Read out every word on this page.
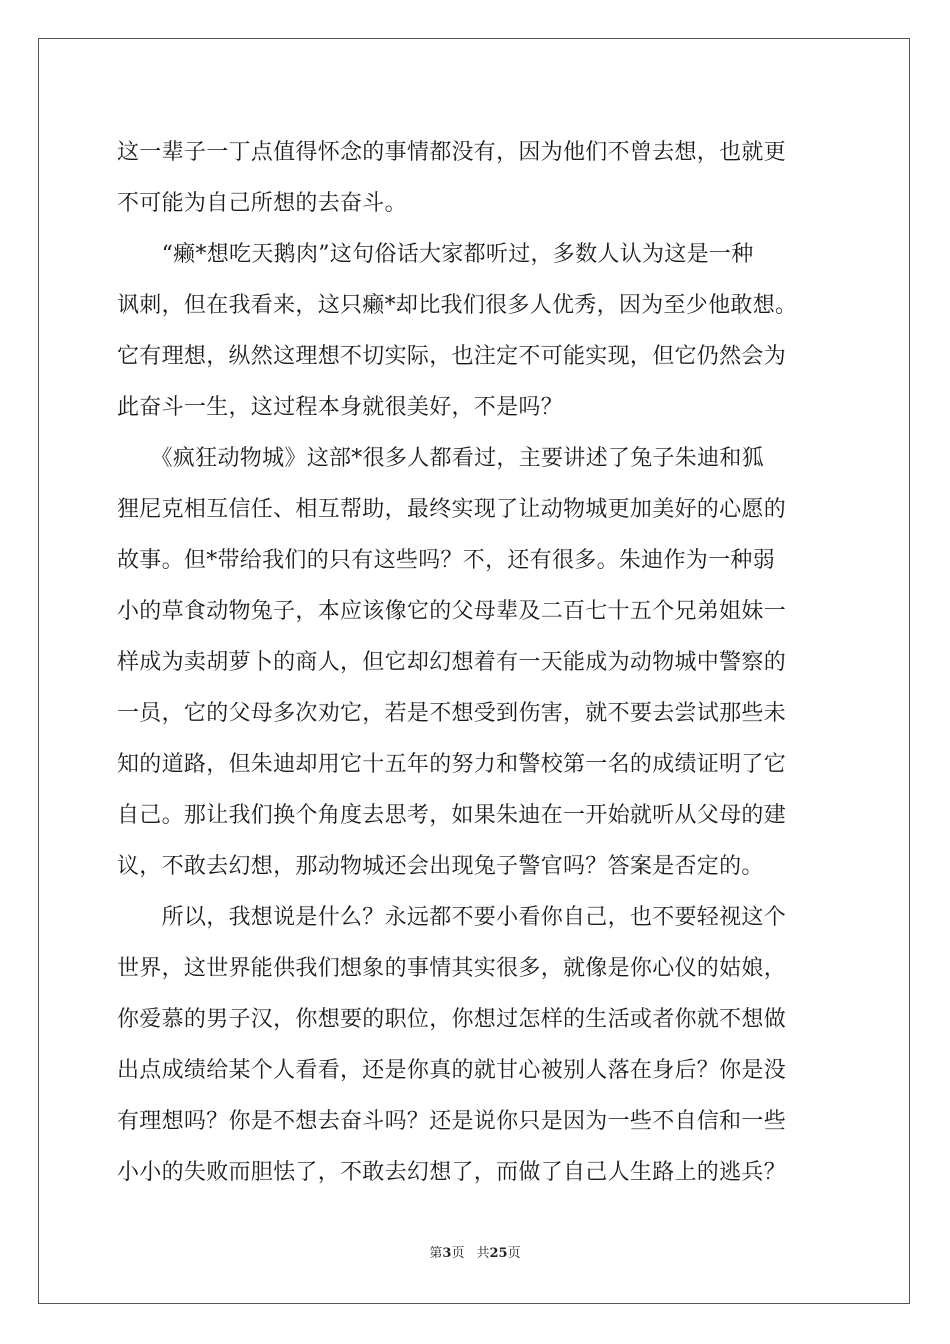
这一辈子一丁点值得怀念的事情都没有，因为他们不曾去想，也就更
不可能为自己所想的去奋斗。
　　“癞*想吃天鹅肉”这句俗话大家都听过，多数人认为这是一种
讽刺，但在我看来，这只癞*却比我们很多人优秀，因为至少他敢想。
它有理想，纵然这理想不切实际，也注定不可能实现，但它仍然会为
此奋斗一生，这过程本身就很美好，不是吗？
　　《疯狂动物城》这部*很多人都看过，主要讲述了兔子朱迪和狐
狸尼克相互信任、相互帮助，最终实现了让动物城更加美好的心愿的
故事。但*带给我们的只有这些吗？不，还有很多。朱迪作为一种弱
小的草食动物兔子，本应该像它的父母辈及二百七十五个兄弟姐妹一
样成为卖胡萝卜的商人，但它却幻想着有一天能成为动物城中警察的
一员，它的父母多次劝它，若是不想受到伤害，就不要去尝试那些未
知的道路，但朱迪却用它十五年的努力和警校第一名的成绩证明了它
自己。那让我们换个角度去思考，如果朱迪在一开始就听从父母的建
议，不敢去幻想，那动物城还会出现兔子警官吗？答案是否定的。
　　所以，我想说是什么？永远都不要小看你自己，也不要轻视这个
世界，这世界能供我们想象的事情其实很多，就像是你心仪的姑娘，
你爱慕的男子汉，你想要的职位，你想过怎样的生活或者你就不想做
出点成绩给某个人看看，还是你真的就甘心被别人落在身后？你是没
有理想吗？你是不想去奋斗吗？还是说你只是因为一些不自信和一些
小小的失败而胆怯了，不敢去幻想了，而做了自己人生路上的逃兵？
第3页 共25页
